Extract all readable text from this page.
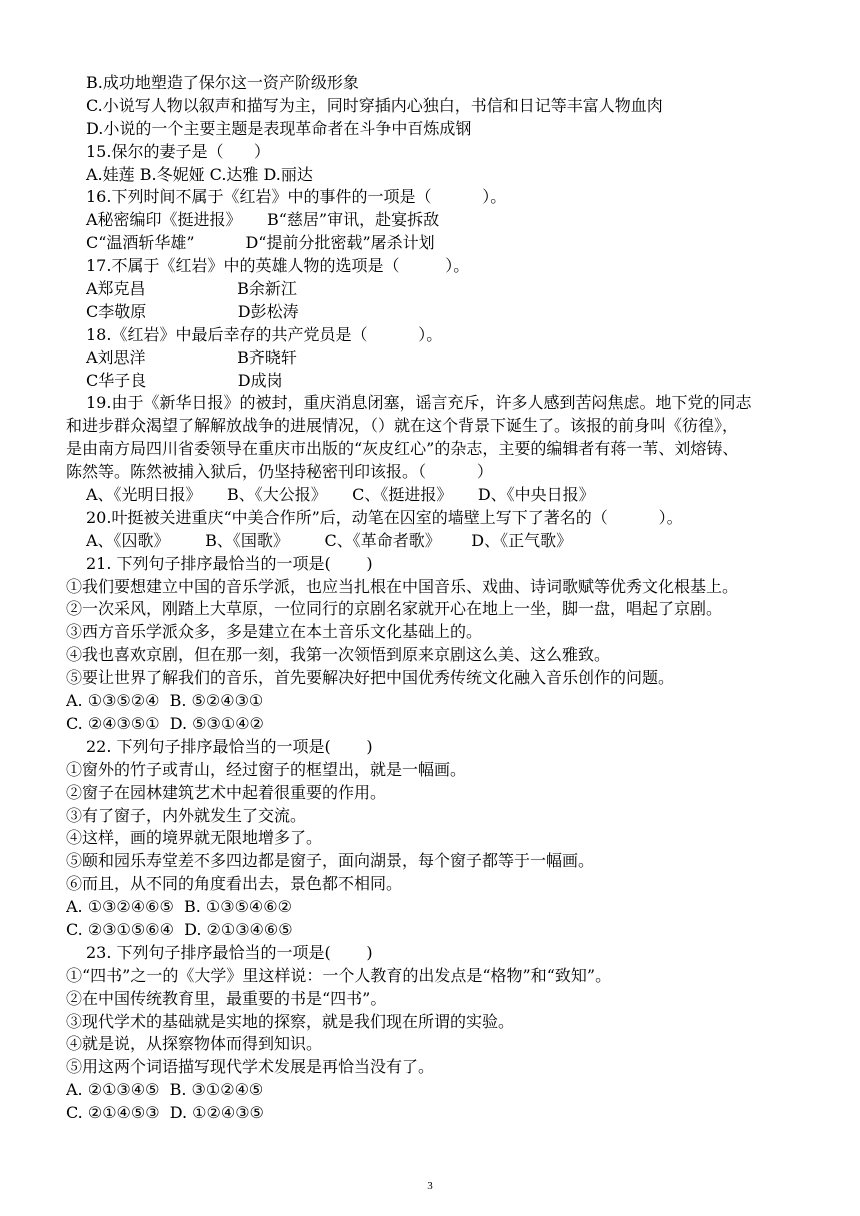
B.成功地塑造了保尔这一资产阶级形象
C.小说写人物以叙声和描写为主，同时穿插内心独白，书信和日记等丰富人物血肉
D.小说的一个主要主题是表现革命者在斗争中百炼成钢
15.保尔的妻子是（      ）
A.娃莲 B.冬妮娅 C.达雅 D.丽达
16.下列时间不属于《红岩》中的事件的一项是（          ）。
A秘密编印《挺进报》     B“慈居”审讯，赴宴拆敌
C“温酒斩华雄”          D“提前分批密载”屠杀计划
17.不属于《红岩》中的英雄人物的选项是（         ）。
A郑克昌                  B余新江
C李敬原                  D彭松涛
18.《红岩》中最后幸存的共产党员是（          ）。
A刘思洋                  B齐晓轩
C华子良                  D成岗
19.由于《新华日报》的被封，重庆消息闭塞，谣言充斥，许多人感到苦闷焦虑。地下党的同志
和进步群众渴望了解解放战争的进展情况，（）就在这个背景下诞生了。该报的前身叫《彷徨》，
是由南方局四川省委领导在重庆市出版的“灰皮红心”的杂志，主要的编辑者有蒋一苇、刘熔铸、
陈然等。陈然被捕入狱后，仍坚持秘密刊印该报。（          ）
A、《光明日报》     B、《大公报》     C、《挺进报》     D、《中央日报》
20.叶挺被关进重庆“中美合作所”后，动笔在囚室的墙壁上写下了著名的（          ）。
A、《囚歌》       B、《国歌》       C、《革命者歌》      D、《正气歌》
21. 下列句子排序最恰当的一项是(       )
①我们要想建立中国的音乐学派，也应当扎根在中国音乐、戏曲、诗词歌赋等优秀文化根基上。
②一次采风，刚踏上大草原，一位同行的京剧名家就开心在地上一坐，脚一盘，唱起了京剧。
③西方音乐学派众多，多是建立在本土音乐文化基础上的。
④我也喜欢京剧，但在那一刻，我第一次领悟到原来京剧这么美、这么雅致。
⑤要让世界了解我们的音乐，首先要解决好把中国优秀传统文化融入音乐创作的问题。
A. ①③⑤②④  B. ⑤②④③①
C. ②④③⑤①  D. ⑤③①④②
22. 下列句子排序最恰当的一项是(       )
①窗外的竹子或青山，经过窗子的框望出，就是一幅画。
②窗子在园林建筑艺术中起着很重要的作用。
③有了窗子，内外就发生了交流。
④这样，画的境界就无限地增多了。
⑤颐和园乐寿堂差不多四边都是窗子，面向湖景，每个窗子都等于一幅画。
⑥而且，从不同的角度看出去，景色都不相同。
A. ①③②④⑥⑤  B. ①③⑤④⑥②
C. ②③①⑤⑥④  D. ②①③④⑥⑤
23. 下列句子排序最恰当的一项是(       )
①“四书”之一的《大学》里这样说：一个人教育的出发点是“格物”和“致知”。
②在中国传统教育里，最重要的书是“四书”。
③现代学术的基础就是实地的探察，就是我们现在所谓的实验。
④就是说，从探察物体而得到知识。
⑤用这两个词语描写现代学术发展是再恰当没有了。
A. ②①③④⑤  B. ③①②④⑤
C. ②①④⑤③  D. ①②④③⑤
3
